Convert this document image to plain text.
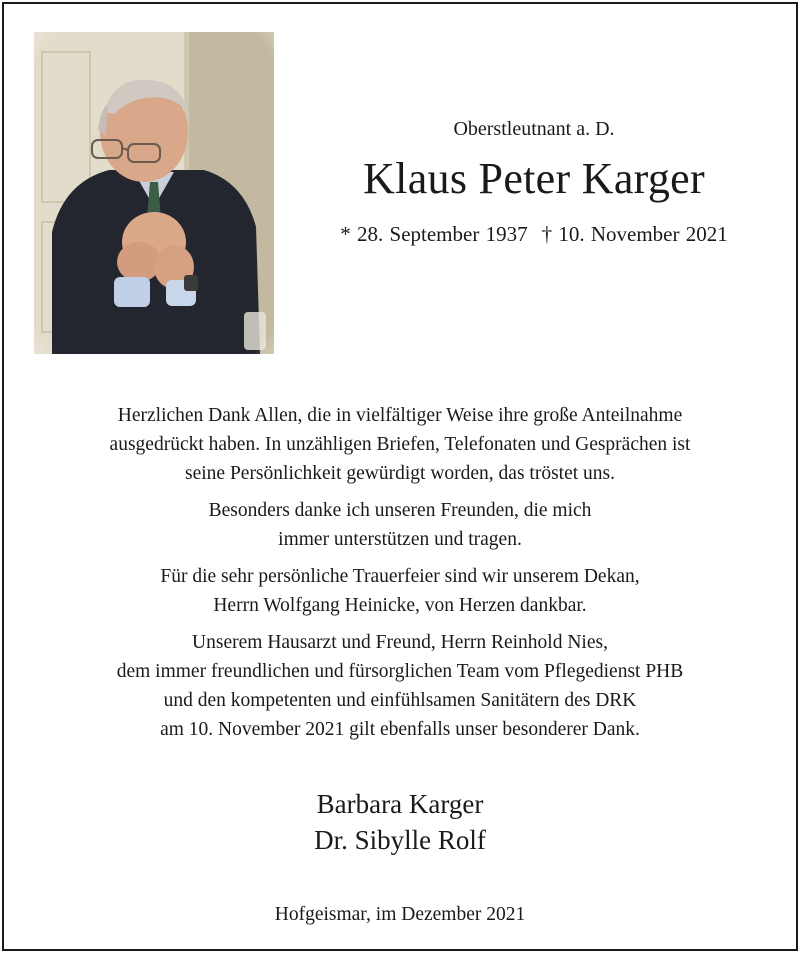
Oberstleutnant a. D.
Klaus Peter Karger
* 28. September 1937 † 10. November 2021
Herzlichen Dank Allen, die in vielfältiger Weise ihre große Anteilnahme
ausgedrückt haben. In unzähligen Briefen, Telefonaten und Gesprächen ist
seine Persönlichkeit gewürdigt worden, das tröstet uns.
Besonders danke ich unseren Freunden, die mich
immer unterstützen und tragen.
Für die sehr persönliche Trauerfeier sind wir unserem Dekan,
Herrn Wolfgang Heinicke, von Herzen dankbar.
Unserem Hausarzt und Freund, Herrn Reinhold Nies,
dem immer freundlichen und fürsorglichen Team vom Pflegedienst PHB
und den kompetenten und einfühlsamen Sanitätern des DRK
am 10. November 2021 gilt ebenfalls unser besonderer Dank.
Barbara Karger
Dr. Sibylle Rolf
Hofgeismar, im Dezember 2021
